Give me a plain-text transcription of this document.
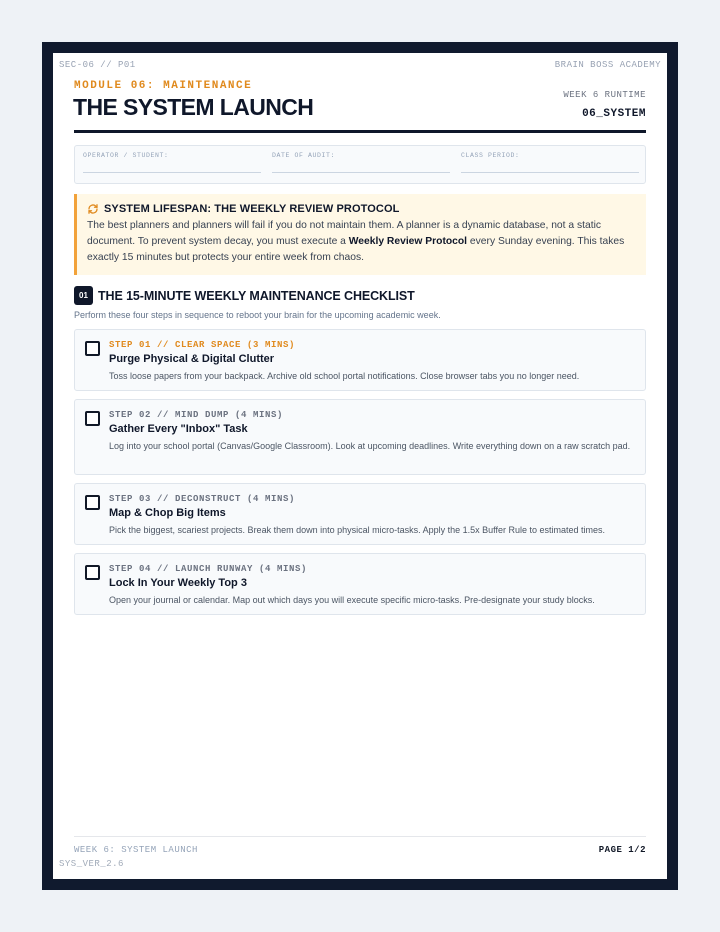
SEC-06 // P01	BRAIN BOSS ACADEMY
MODULE 06: MAINTENANCE
THE SYSTEM LAUNCH	WEEK 6 RUNTIME
06_SYSTEM
OPERATOR / STUDENT:	DATE OF AUDIT:	CLASS PERIOD:
SYSTEM LIFESPAN: THE WEEKLY REVIEW PROTOCOL
The best planners and planners will fail if you do not maintain them. A planner is a dynamic database, not a static document. To prevent system decay, you must execute a Weekly Review Protocol every Sunday evening. This takes exactly 15 minutes but protects your entire week from chaos.
01 THE 15-MINUTE WEEKLY MAINTENANCE CHECKLIST
Perform these four steps in sequence to reboot your brain for the upcoming academic week.
STEP 01 // CLEAR SPACE (3 MINS)
Purge Physical & Digital Clutter
Toss loose papers from your backpack. Archive old school portal notifications. Close browser tabs you no longer need.
STEP 02 // MIND DUMP (4 MINS)
Gather Every "Inbox" Task
Log into your school portal (Canvas/Google Classroom). Look at upcoming deadlines. Write everything down on a raw scratch pad.
STEP 03 // DECONSTRUCT (4 MINS)
Map & Chop Big Items
Pick the biggest, scariest projects. Break them down into physical micro-tasks. Apply the 1.5x Buffer Rule to estimated times.
STEP 04 // LAUNCH RUNWAY (4 MINS)
Lock In Your Weekly Top 3
Open your journal or calendar. Map out which days you will execute specific micro-tasks. Pre-designate your study blocks.
WEEK 6: SYSTEM LAUNCH	PAGE 1/2
SYS_VER_2.6
